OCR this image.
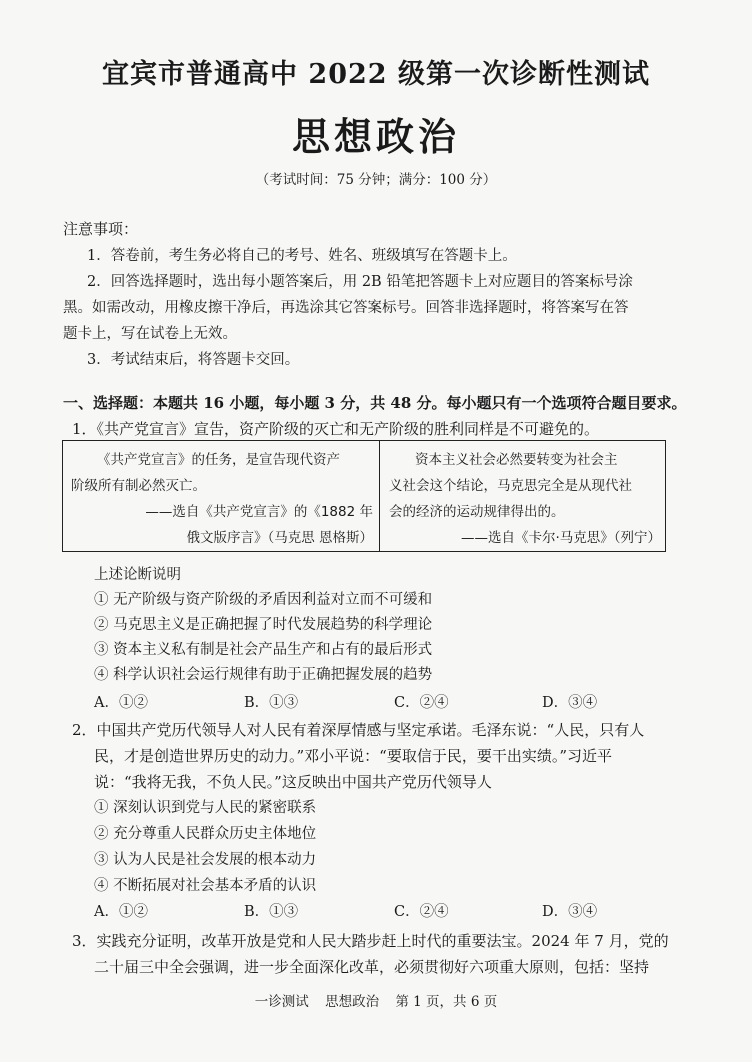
宜宾市普通高中 2022 级第一次诊断性测试
思想政治
（考试时间：75 分钟；满分：100 分）
注意事项：
1．答卷前，考生务必将自己的考号、姓名、班级填写在答题卡上。
2．回答选择题时，选出每小题答案后，用 2B 铅笔把答题卡上对应题目的答案标号涂
黑。如需改动，用橡皮擦干净后，再选涂其它答案标号。回答非选择题时，将答案写在答
题卡上，写在试卷上无效。
3．考试结束后，将答题卡交回。
一、选择题：本题共 16 小题，每小题 3 分，共 48 分。每小题只有一个选项符合题目要求。
1．《共产党宣言》宣告，资产阶级的灭亡和无产阶级的胜利同样是不可避免的。
《共产党宣言》的任务，是宣告现代资产
阶级所有制必然灭亡。
——选自《共产党宣言》的《1882 年
俄文版序言》（马克思 恩格斯）
资本主义社会必然要转变为社会主
义社会这个结论，马克思完全是从现代社
会的经济的运动规律得出的。
——选自《卡尔·马克思》（列宁）
上述论断说明
① 无产阶级与资产阶级的矛盾因利益对立而不可缓和
② 马克思主义是正确把握了时代发展趋势的科学理论
③ 资本主义私有制是社会产品生产和占有的最后形式
④ 科学认识社会运行规律有助于正确把握发展的趋势
A．①②	B．①③	C．②④	D．③④
2．中国共产党历代领导人对人民有着深厚情感与坚定承诺。毛泽东说：“人民，只有人
民，才是创造世界历史的动力。”邓小平说：“要取信于民，要干出实绩。”习近平
说：“我将无我，不负人民。”这反映出中国共产党历代领导人
① 深刻认识到党与人民的紧密联系
② 充分尊重人民群众历史主体地位
③ 认为人民是社会发展的根本动力
④ 不断拓展对社会基本矛盾的认识
A．①②	B．①③	C．②④	D．③④
3．实践充分证明，改革开放是党和人民大踏步赶上时代的重要法宝。2024 年 7 月，党的
二十届三中全会强调，进一步全面深化改革，必须贯彻好六项重大原则，包括：坚持
一诊测试 思想政治 第 1 页，共 6 页
